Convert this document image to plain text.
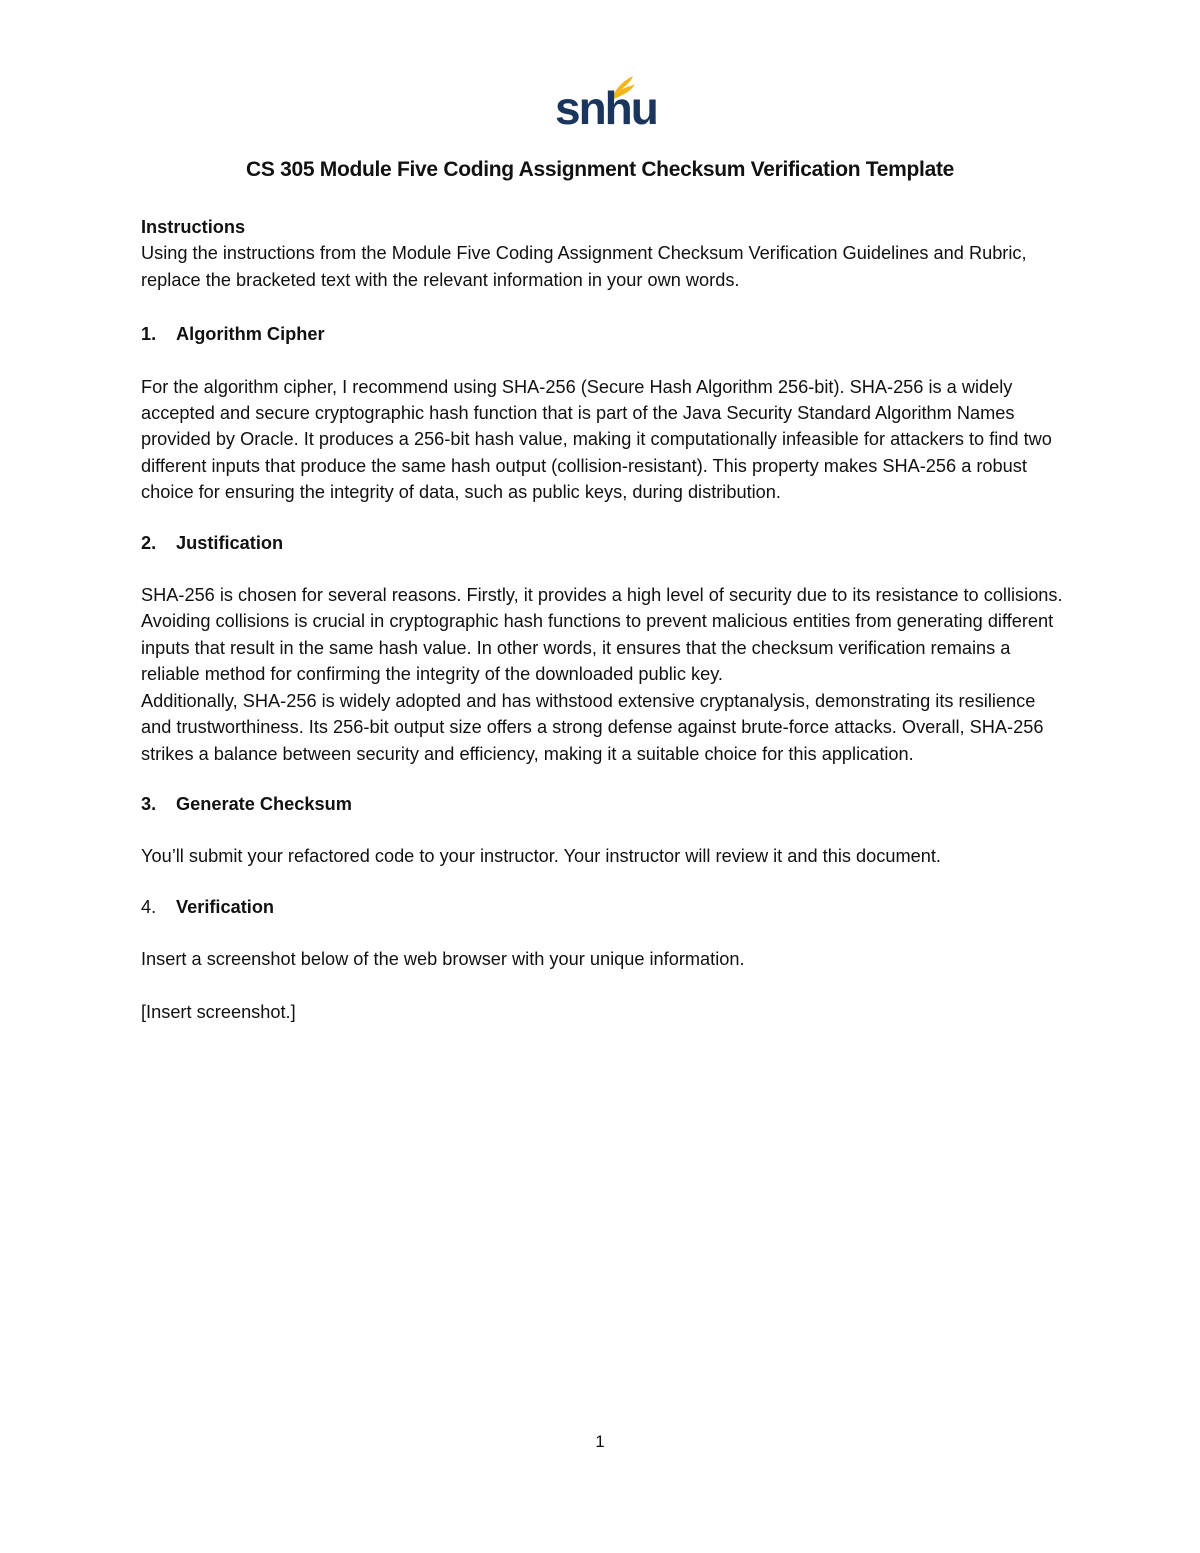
snhu
CS 305 Module Five Coding Assignment Checksum Verification Template

Instructions

Using the instructions from the Module Five Coding Assignment Checksum Verification Guidelines and Rubric, replace the bracketed text with the relevant information in your own words.

1.	Algorithm Cipher

For the algorithm cipher, I recommend using SHA-256 (Secure Hash Algorithm 256-bit). SHA-256 is a widely accepted and secure cryptographic hash function that is part of the Java Security Standard Algorithm Names provided by Oracle. It produces a 256-bit hash value, making it computationally infeasible for attackers to find two different inputs that produce the same hash output (collision-resistant). This property makes SHA-256 a robust choice for ensuring the integrity of data, such as public keys, during distribution.

2.	Justification

SHA-256 is chosen for several reasons. Firstly, it provides a high level of security due to its resistance to collisions. Avoiding collisions is crucial in cryptographic hash functions to prevent malicious entities from generating different inputs that result in the same hash value. In other words, it ensures that the checksum verification remains a reliable method for confirming the integrity of the downloaded public key.

Additionally, SHA-256 is widely adopted and has withstood extensive cryptanalysis, demonstrating its resilience and trustworthiness. Its 256-bit output size offers a strong defense against brute-force attacks. Overall, SHA-256 strikes a balance between security and efficiency, making it a suitable choice for this application.

3.	Generate Checksum

You’ll submit your refactored code to your instructor. Your instructor will review it and this document.

4.	Verification

Insert a screenshot below of the web browser with your unique information.

[Insert screenshot.]

1
